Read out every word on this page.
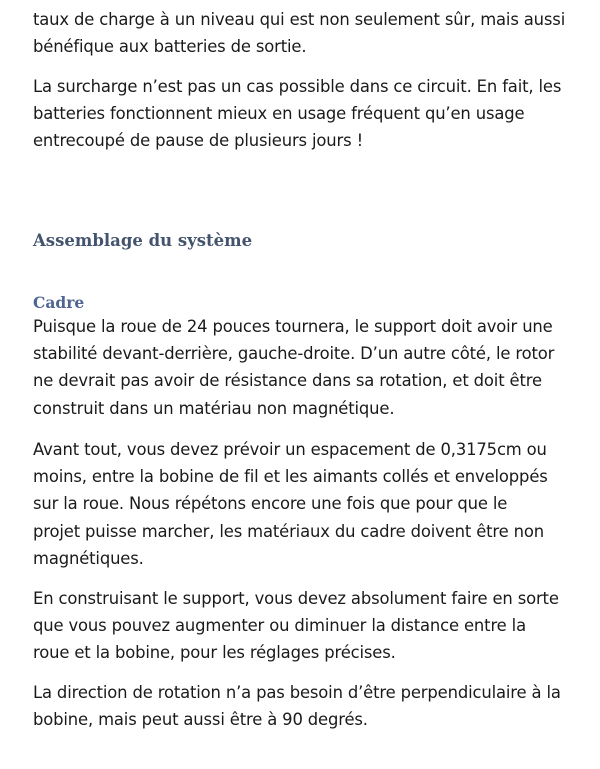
taux de charge à un niveau qui est non seulement sûr, mais aussi
bénéfique aux batteries de sortie.

La surcharge n’est pas un cas possible dans ce circuit. En fait, les
batteries fonctionnent mieux en usage fréquent qu’en usage
entrecoupé de pause de plusieurs jours !

Assemblage du système
Cadre

Puisque la roue de 24 pouces tournera, le support doit avoir une
stabilité devant-derrière, gauche-droite. D’un autre côté, le rotor
ne devrait pas avoir de résistance dans sa rotation, et doit être
construit dans un matériau non magnétique.

Avant tout, vous devez prévoir un espacement de 0,3175cm ou
moins, entre la bobine de fil et les aimants collés et enveloppés
sur la roue. Nous répétons encore une fois que pour que le
projet puisse marcher, les matériaux du cadre doivent être non
magnétiques.

En construisant le support, vous devez absolument faire en sorte
que vous pouvez augmenter ou diminuer la distance entre la
roue et la bobine, pour les réglages précises.

La direction de rotation n’a pas besoin d’être perpendiculaire à la
bobine, mais peut aussi être à 90 degrés.
